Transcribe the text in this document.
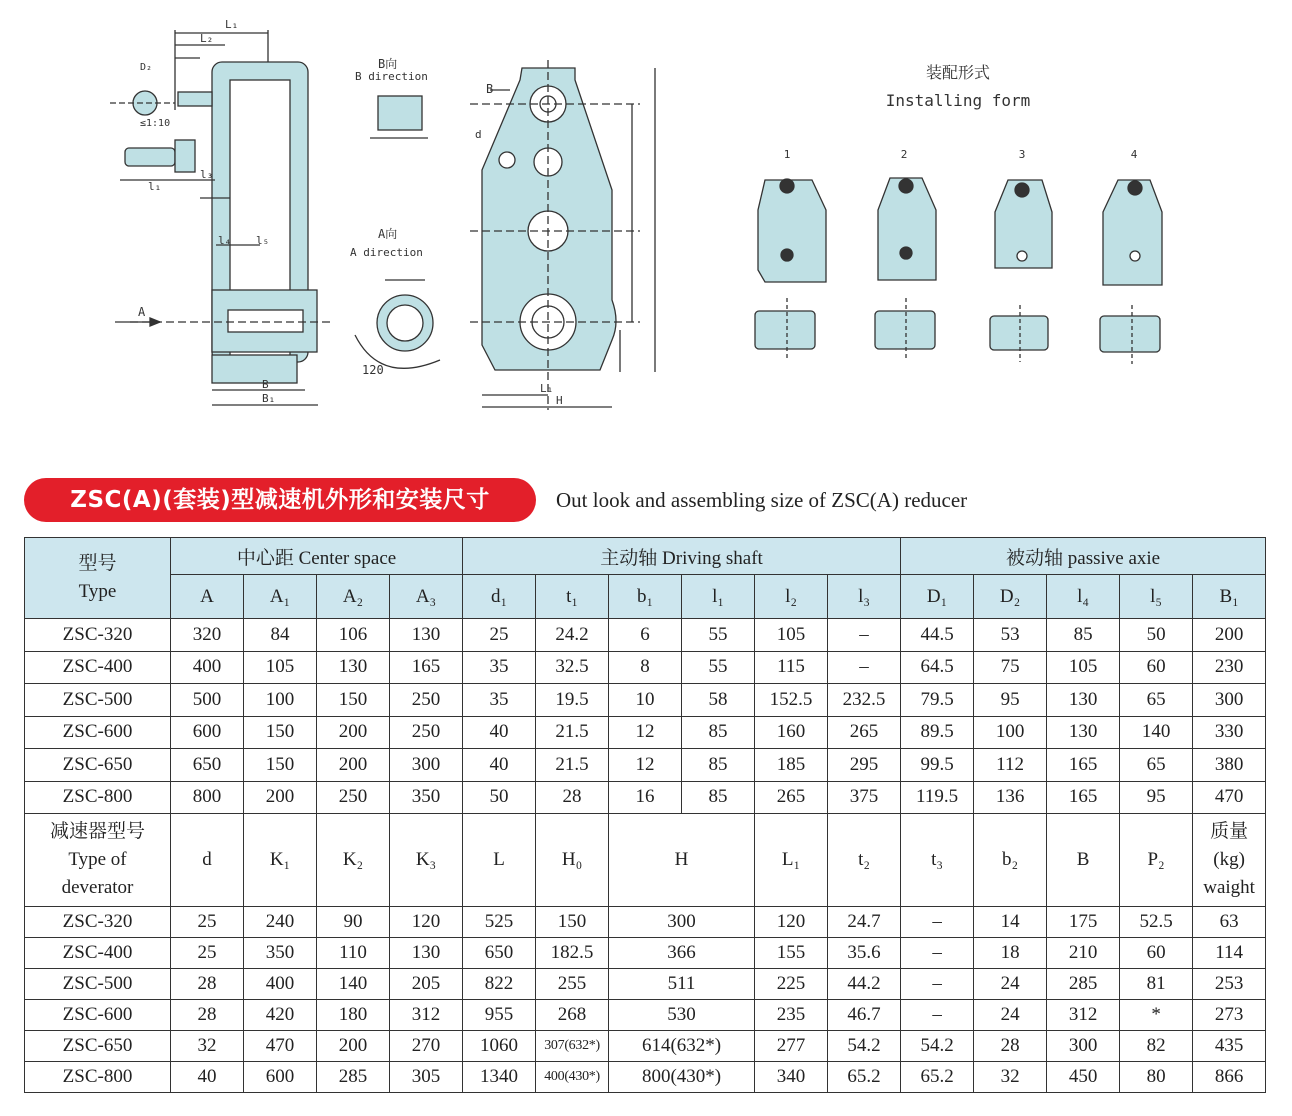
L₁
L₂
D₂
≤1:10
l₁
l₃
l₄ l₅
A
B
B₁
L₁
H
B
d
B向
B direction
A向
A direction
120
装配形式
Installing form
1	2	3	4
ZSC(A)(套装)型减速机外形和安装尺寸	Out look and assembling size of ZSC(A) reducer
型号
Type	中心距 Center space				主动轴 Driving shaft						被动轴 passive axie				
	A	A₁	A₂	A₃	d₁	t₁	b₁	l₁	l₂	l₃	D₁	D₂	l₄	l₅	B₁
ZSC-320	320	84	106	130	25	24.2	6	55	105	–	44.5	53	85	50	200
ZSC-400	400	105	130	165	35	32.5	8	55	115	–	64.5	75	105	60	230
ZSC-500	500	100	150	250	35	19.5	10	58	152.5	232.5	79.5	95	130	65	300
ZSC-600	600	150	200	250	40	21.5	12	85	160	265	89.5	100	130	140	330
ZSC-650	650	150	200	300	40	21.5	12	85	185	295	99.5	112	165	65	380
ZSC-800	800	200	250	350	50	28	16	85	265	375	119.5	136	165	95	470
减速器型号
Type of
deverator	d	K₁	K₂	K₃	L	H₀	H		L₁	t₂	t₃	b₂	B	P₂	质量
(kg)
waight
ZSC-320	25	240	90	120	525	150	300		120	24.7	–	14	175	52.5	63
ZSC-400	25	350	110	130	650	182.5	366		155	35.6	–	18	210	60	114
ZSC-500	28	400	140	205	822	255	511		225	44.2	–	24	285	81	253
ZSC-600	28	420	180	312	955	268	530		235	46.7	–	24	312	*	273
ZSC-650	32	470	200	270	1060	307(632*)	614(632*)		277	54.2	54.2	28	300	82	435
ZSC-800	40	600	285	305	1340	400(430*)	800(430*)		340	65.2	65.2	32	450	80	866
